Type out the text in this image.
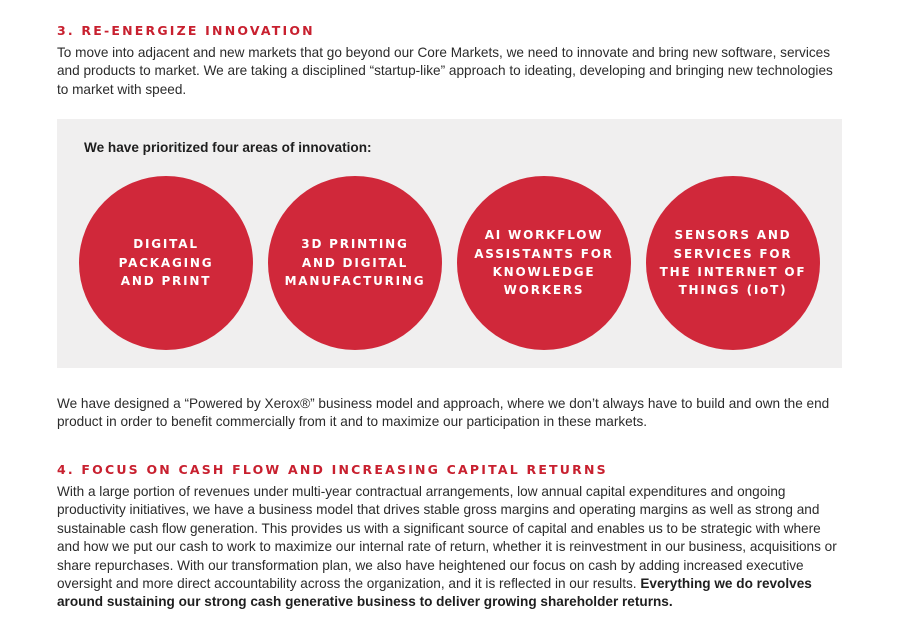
3. RE-ENERGIZE INNOVATION

To move into adjacent and new markets that go beyond our Core Markets, we need to innovate and bring new software, services and products to market. We are taking a disciplined “startup-like” approach to ideating, developing and bringing new technologies to market with speed.

We have prioritized four areas of innovation:

DIGITAL
PACKAGING
AND PRINT
3D PRINTING
AND DIGITAL
MANUFACTURING
AI WORKFLOW
ASSISTANTS FOR
KNOWLEDGE
WORKERS
SENSORS AND
SERVICES FOR
THE INTERNET OF
THINGS (IoT)

We have designed a “Powered by Xerox®” business model and approach, where we don’t always have to build and own the end product in order to benefit commercially from it and to maximize our participation in these markets.

4. FOCUS ON CASH FLOW AND INCREASING CAPITAL RETURNS

With a large portion of revenues under multi-year contractual arrangements, low annual capital expenditures and ongoing productivity initiatives, we have a business model that drives stable gross margins and operating margins as well as strong and sustainable cash flow generation. This provides us with a significant source of capital and enables us to be strategic with where and how we put our cash to work to maximize our internal rate of return, whether it is reinvestment in our business, acquisitions or share repurchases. With our transformation plan, we also have heightened our focus on cash by adding increased executive oversight and more direct accountability across the organization, and it is reflected in our results. Everything we do revolves around sustaining our strong cash generative business to deliver growing shareholder returns.
